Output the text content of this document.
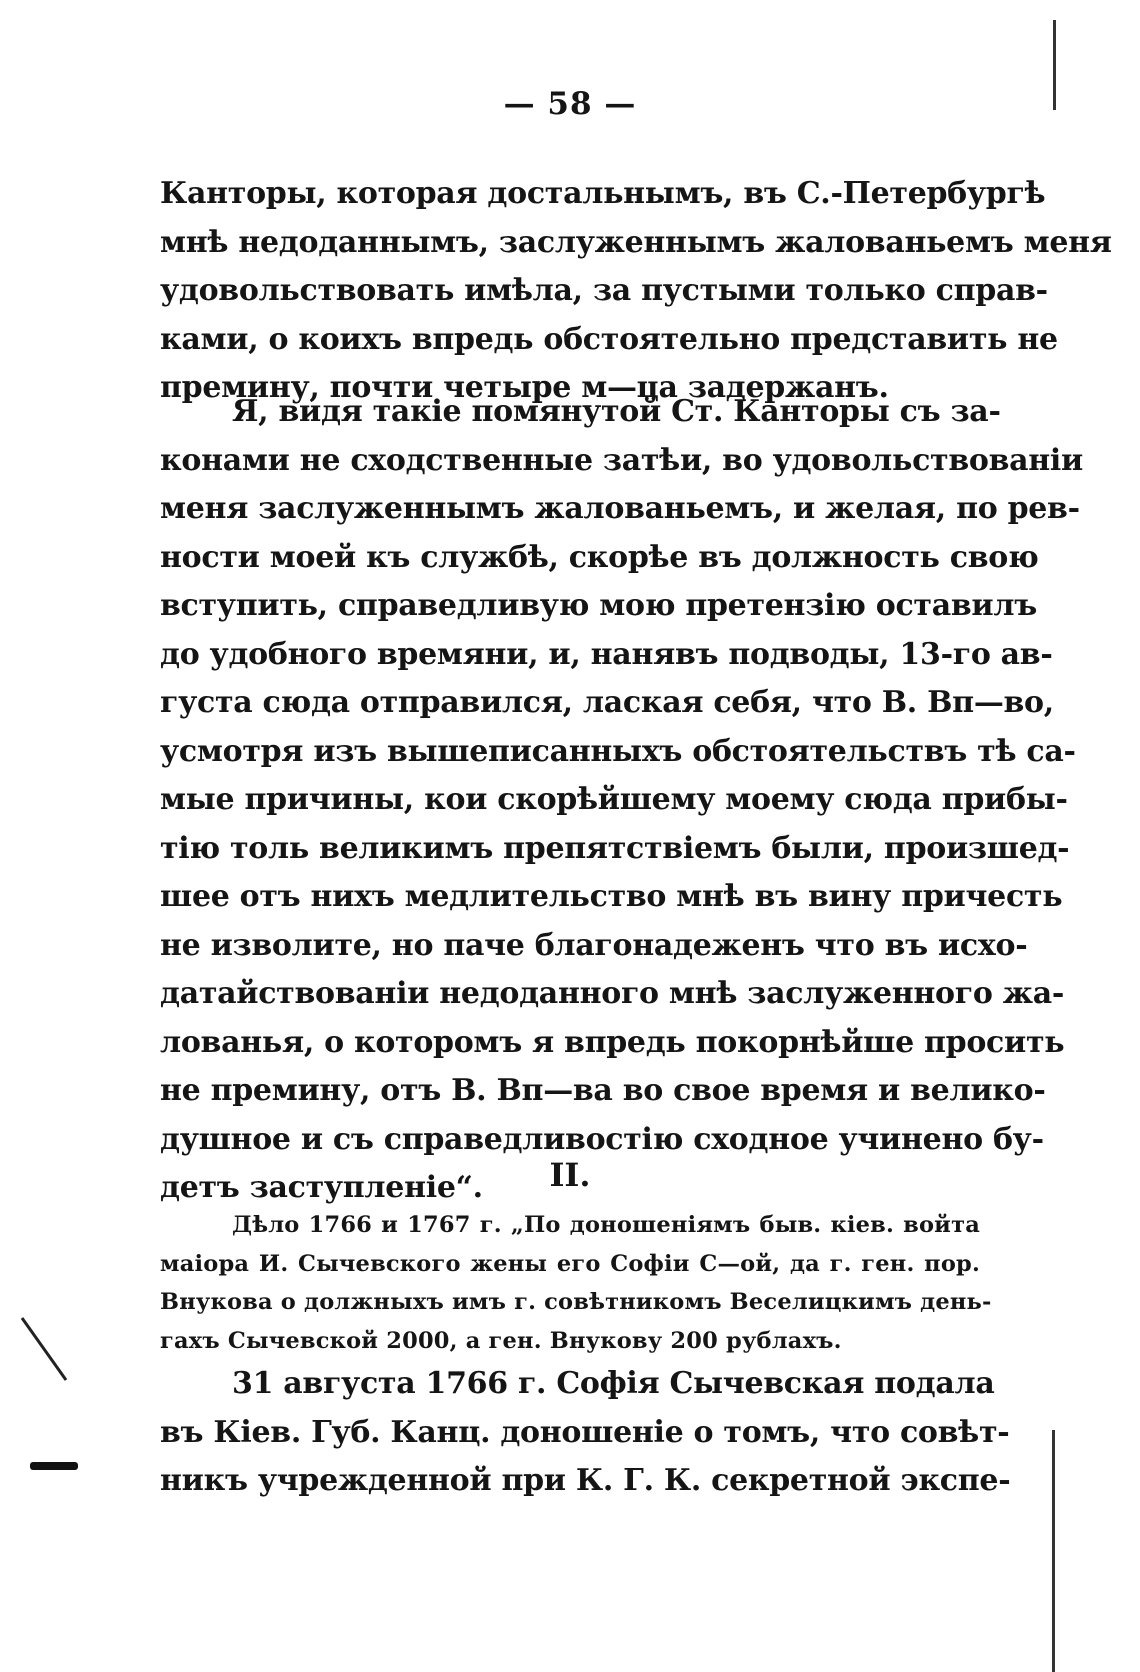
— 58 —
Канторы, которая достальнымъ, въ С.-Петербургѣ
мнѣ недоданнымъ, заслуженнымъ жалованьемъ меня
удовольствовать имѣла, за пустыми только справ-
ками, о коихъ впредь обстоятельно представить не
премину, почти четыре м—ца задержанъ.
Я, видя такіе помянутой Ст. Канторы съ за-
конами не сходственные затѣи, во удовольствованіи
меня заслуженнымъ жалованьемъ, и желая, по рев-
ности моей къ службѣ, скорѣе въ должность свою
вступить, справедливую мою претензію оставилъ
до удобного времяни, и, нанявъ подводы, 13-го ав-
густа сюда отправился, лаская себя, что В. Вп—во,
усмотря изъ вышеписанныхъ обстоятельствъ тѣ са-
мые причины, кои скорѣйшему моему сюда прибы-
тію толь великимъ препятствіемъ были, произшед-
шее отъ нихъ медлительство мнѣ въ вину причесть
не изволите, но паче благонадеженъ что въ исхо-
датайствованіи недоданного мнѣ заслуженного жа-
лованья, о которомъ я впредь покорнѣйше просить
не премину, отъ В. Вп—ва во свое время и велико-
душное и съ справедливостію сходное учинено бу-
детъ заступленіе“.	II.
Дѣло 1766 и 1767 г. „По доношеніямъ быв. кiев. войта
маiора И. Сычевского жены его Софiи С—ой, да г. ген. пор.
Внукова о должныхъ имъ г. совѣтникомъ Веселицкимъ день-
гахъ Сычевской 2000, а ген. Внукову 200 рублахъ.
31 августа 1766 г. Софiя Сычевская подала
въ Кiев. Губ. Канц. доношенiе о томъ, что совѣт-
никъ учрежденной при К. Г. К. секретной экспе-
